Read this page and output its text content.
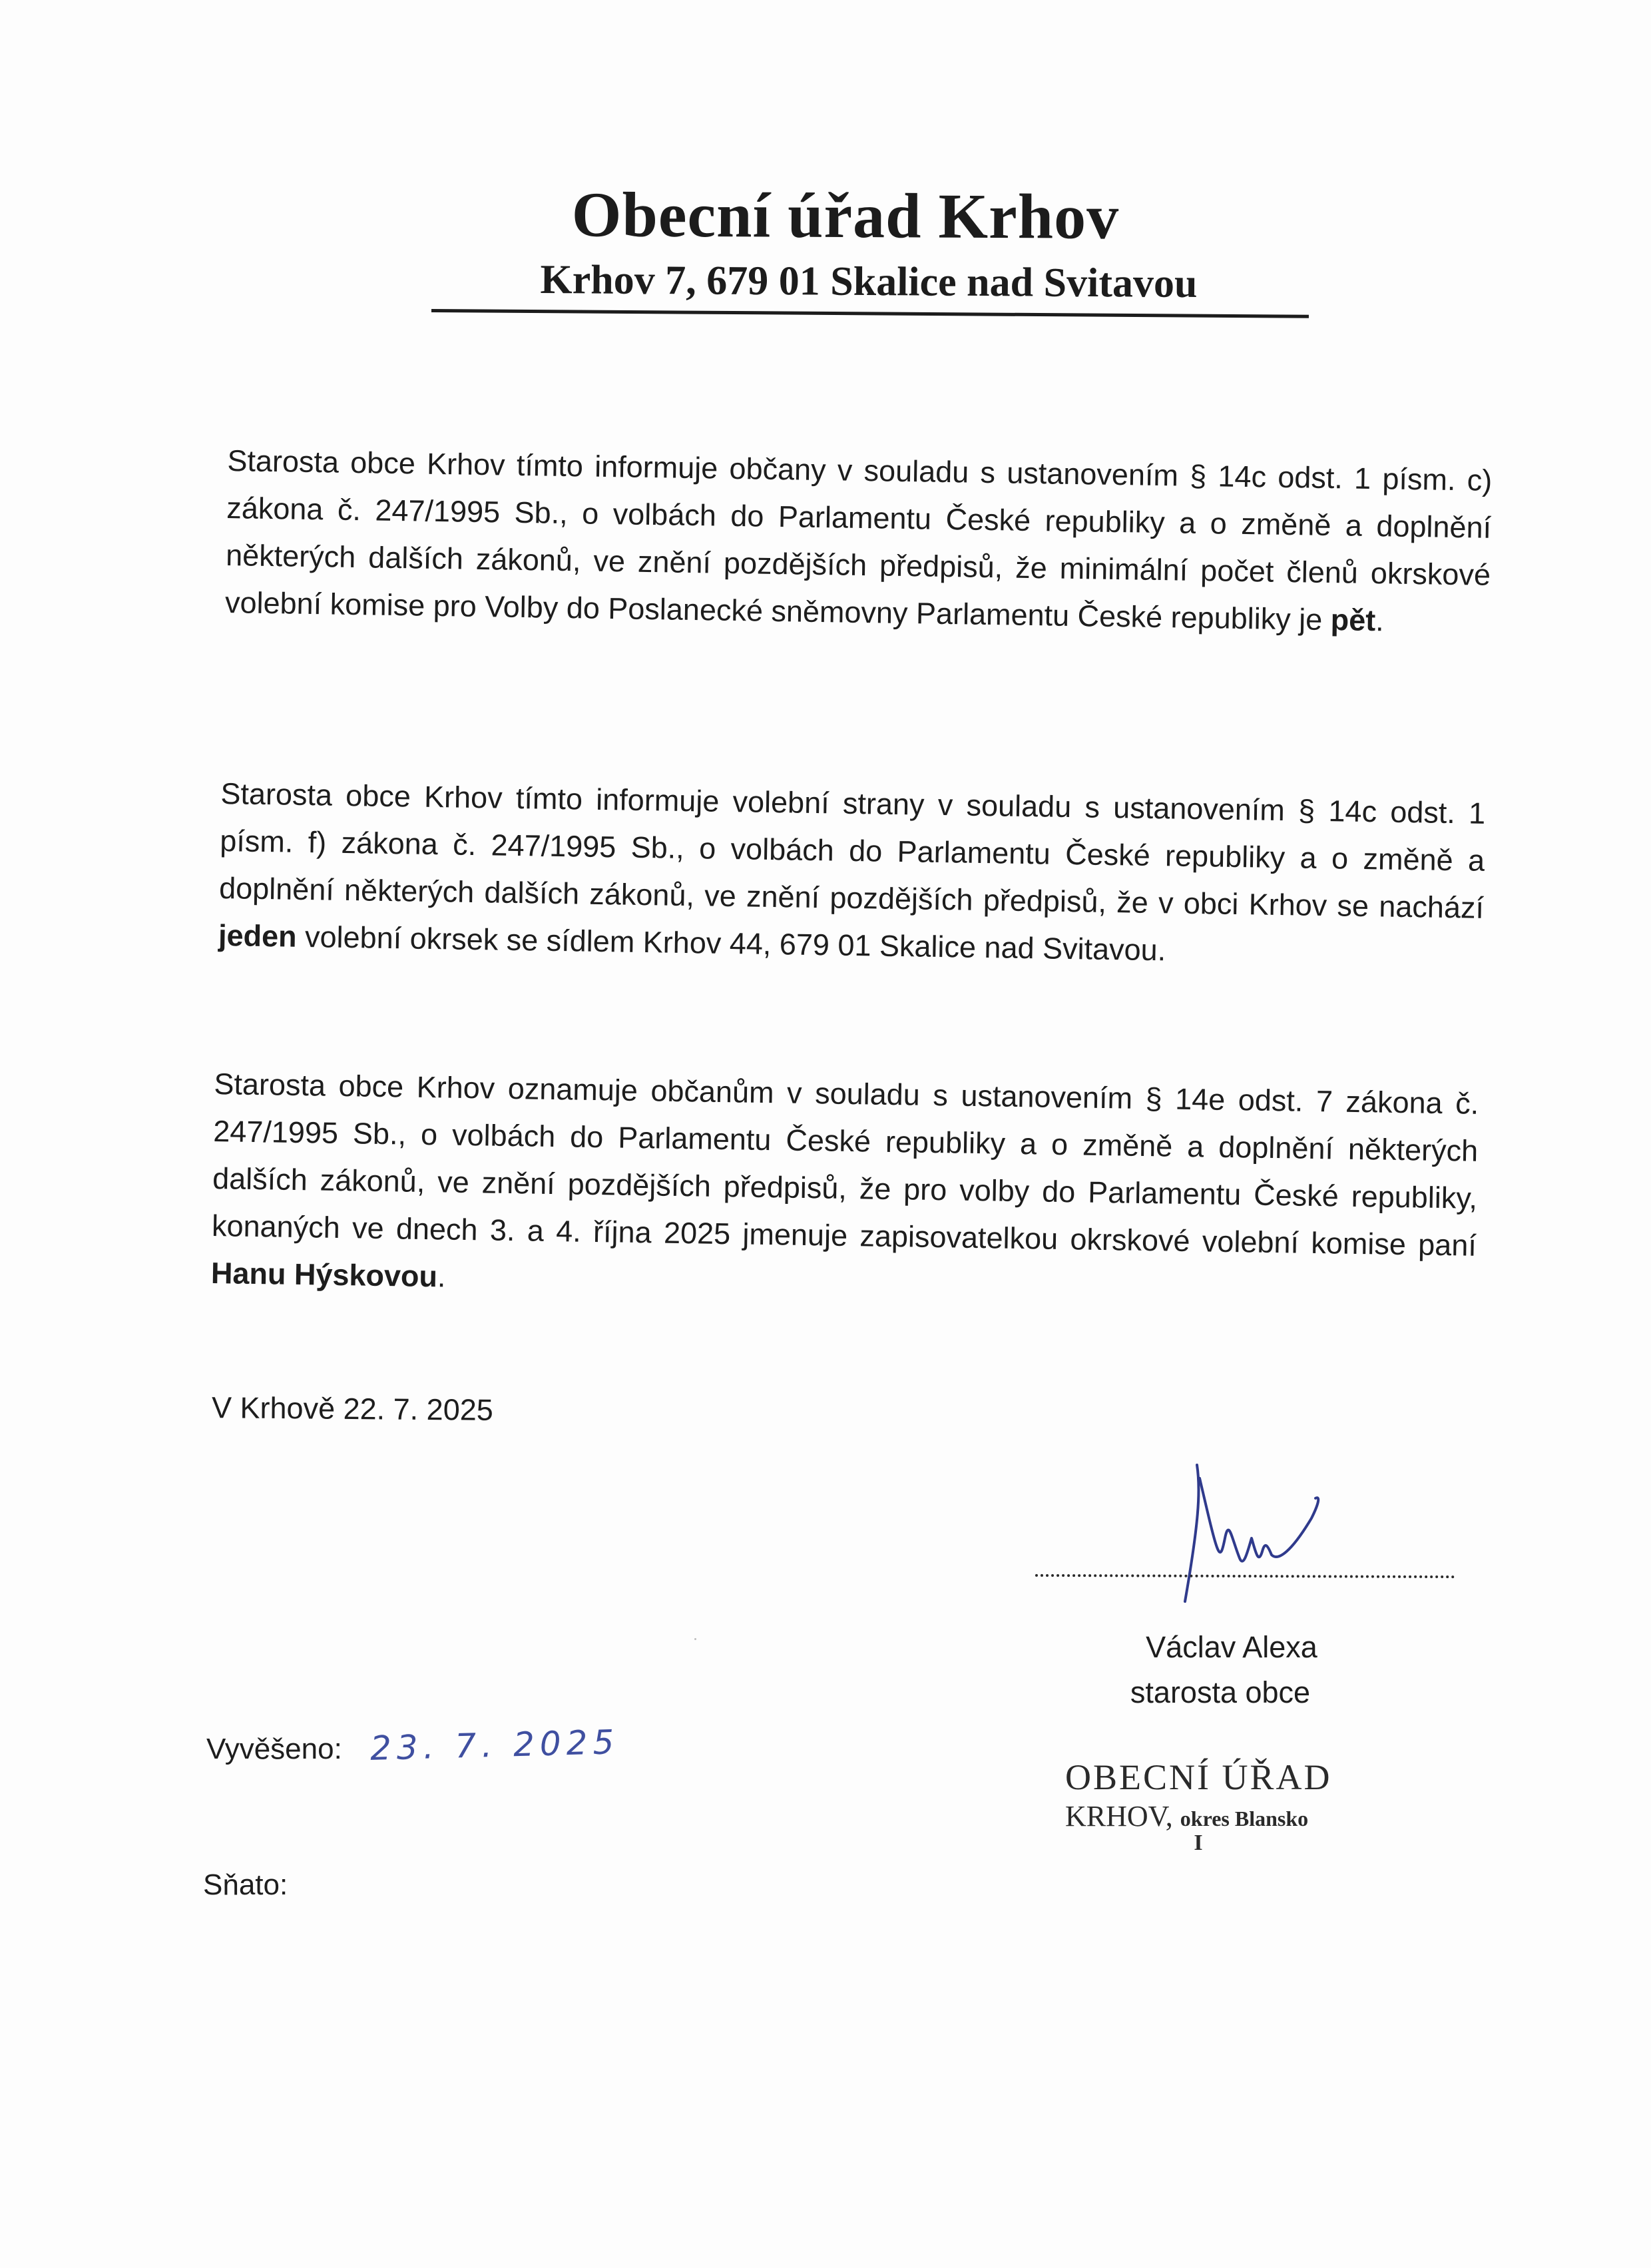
Obecní úřad Krhov
Krhov 7, 679 01 Skalice nad Svitavou
Starosta obce Krhov tímto informuje občany v souladu s ustanovením § 14c odst. 1 písm. c) zákona č. 247/1995 Sb., o volbách do Parlamentu České republiky a o změně a doplnění některých dalších zákonů, ve znění pozdějších předpisů, že minimální počet členů okrskové volební komise pro Volby do Poslanecké sněmovny Parlamentu České republiky je pět.
Starosta obce Krhov tímto informuje volební strany v souladu s ustanovením § 14c odst. 1 písm. f) zákona č. 247/1995 Sb., o volbách do Parlamentu České republiky a o změně a doplnění některých dalších zákonů, ve znění pozdějších předpisů, že v obci Krhov se nachází jeden volební okrsek se sídlem Krhov 44, 679 01 Skalice nad Svitavou.
Starosta obce Krhov oznamuje občanům v souladu s ustanovením § 14e odst. 7 zákona č. 247/1995 Sb., o volbách do Parlamentu České republiky a o změně a doplnění některých dalších zákonů, ve znění pozdějších předpisů, že pro volby do Parlamentu České republiky, konaných ve dnech 3. a 4. října 2025 jmenuje zapisovatelkou okrskové volební komise paní Hanu Hýskovou.
V Krhově 22. 7. 2025
Václav Alexa
starosta obce
Vyvěšeno: 23. 7. 2025
Sňato:
OBECNÍ ÚŘAD
KRHOV, okres Blansko
I
